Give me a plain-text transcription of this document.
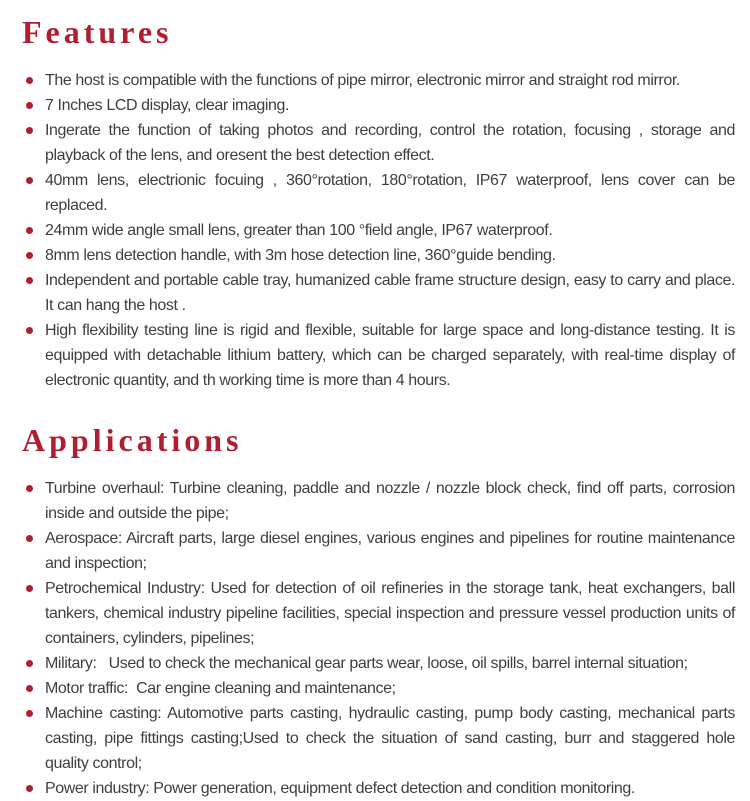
Features
The host is compatible with the functions of pipe mirror, electronic mirror and straight rod mirror.
7 Inches LCD display, clear imaging.
Ingerate the function of taking photos and recording, control the rotation, focusing , storage and playback of the lens, and oresent the best detection effect.
40mm lens, electrionic focuing , 360°rotation, 180°rotation, IP67 waterproof, lens cover can be replaced.
24mm wide angle small lens, greater than 100 °field angle, IP67 waterproof.
8mm lens detection handle, with 3m hose detection line, 360°guide bending.
Independent and portable cable tray, humanized cable frame structure design, easy to carry and place. It can hang the host .
High flexibility testing line is rigid and flexible, suitable for large space and long-distance testing. It is equipped with detachable lithium battery, which can be charged separately, with real-time display of electronic quantity, and th working time is more than 4 hours.
Applications
Turbine overhaul: Turbine cleaning, paddle and nozzle / nozzle block check, find off parts, corrosion inside and outside the pipe;
Aerospace: Aircraft parts, large diesel engines, various engines and pipelines for routine maintenance and inspection;
Petrochemical Industry: Used for detection of oil refineries in the storage tank, heat exchangers, ball tankers, chemical industry pipeline facilities, special inspection and pressure vessel production units of containers, cylinders, pipelines;
Military:   Used to check the mechanical gear parts wear, loose, oil spills, barrel internal situation;
Motor traffic:  Car engine cleaning and maintenance;
Machine casting: Automotive parts casting, hydraulic casting, pump body casting, mechanical parts casting, pipe fittings casting;Used to check the situation of sand casting, burr and staggered hole quality control;
Power industry: Power generation, equipment defect detection and condition monitoring.
